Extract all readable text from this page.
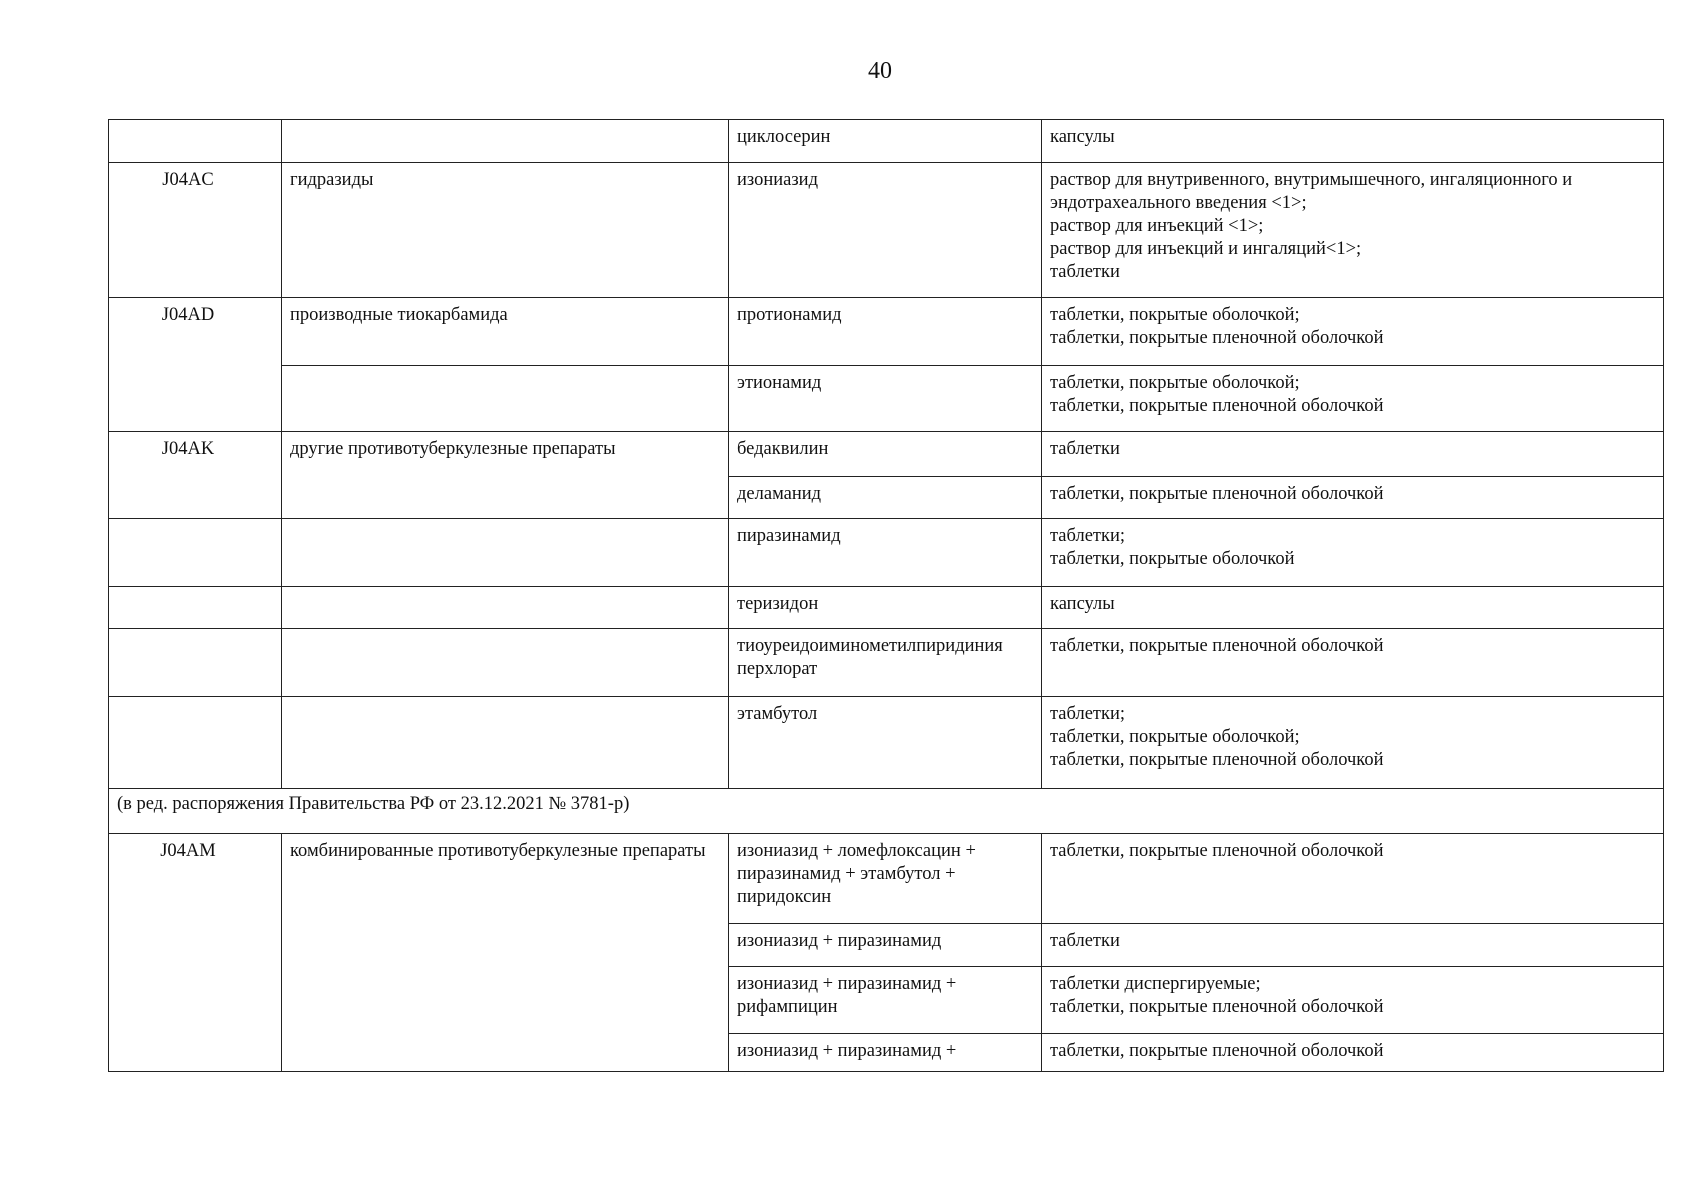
40

		циклосерин	капсулы

J04AC	гидразиды	изониазид	раствор для внутривенного, внутримышечного, ингаляционного и
эндотрахеального введения <1>;
раствор для инъекций <1>;
раствор для инъекций и ингаляций<1>;
таблетки

J04AD	производные тиокарбамида	протионамид	таблетки, покрытые оболочкой;
таблетки, покрытые пленочной оболочкой

		этионамид	таблетки, покрытые оболочкой;
таблетки, покрытые пленочной оболочкой

J04AK	другие противотуберкулезные препараты	бедаквилин	таблетки

		деламанид	таблетки, покрытые пленочной оболочкой

		пиразинамид	таблетки;
таблетки, покрытые оболочкой

		теризидон	капсулы

		тиоуреидоиминометилпиридиния
перхлорат	таблетки, покрытые пленочной оболочкой

		этамбутол	таблетки;
таблетки, покрытые оболочкой;
таблетки, покрытые пленочной оболочкой

(в ред. распоряжения Правительства РФ от 23.12.2021 № 3781-р)			
J04AM	комбинированные противотуберкулезные препараты	изониазид + ломефлоксацин +
пиразинамид + этамбутол +
пиридоксин	таблетки, покрытые пленочной оболочкой

		изониазид + пиразинамид	таблетки

		изониазид + пиразинамид +
рифампицин	таблетки диспергируемые;
таблетки, покрытые пленочной оболочкой

		изониазид + пиразинамид +	таблетки, покрытые пленочной оболочкой
